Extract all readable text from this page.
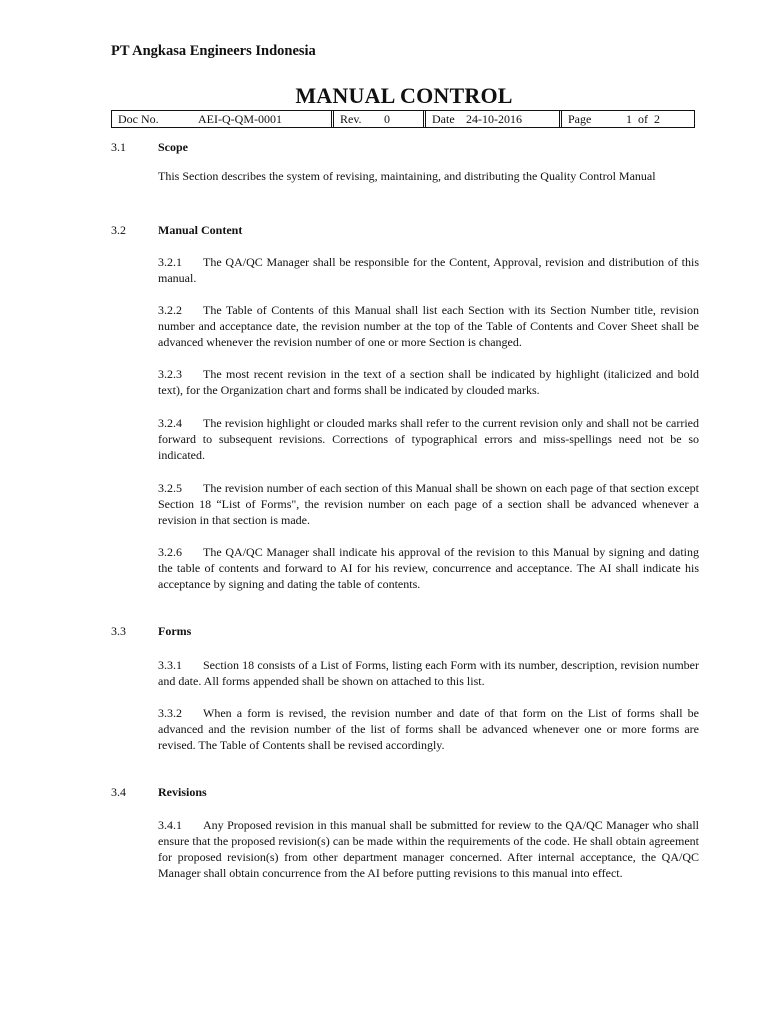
PT Angkasa Engineers Indonesia
MANUAL CONTROL
Doc No.	AEI-Q-QM-0001	Rev.	0	Date 24-10-2016	Page	1  of  2
3.1	Scope

This Section describes the system of revising, maintaining, and distributing the Quality Control Manual

3.2	Manual Content

3.2.1 The QA/QC Manager shall be responsible for the Content, Approval, revision and distribution of this manual.

3.2.2 The Table of Contents of this Manual shall list each Section with its Section Number title, revision number and acceptance date, the revision number at the top of the Table of Contents and Cover Sheet shall be advanced whenever the revision number of one or more Section is changed.

3.2.3 The most recent revision in the text of a section shall be indicated by highlight (italicized and bold text), for the Organization chart and forms shall be indicated by clouded marks.

3.2.4 The revision highlight or clouded marks shall refer to the current revision only and shall not be carried forward to subsequent revisions. Corrections of typographical errors and miss-spellings need not be so indicated.

3.2.5 The revision number of each section of this Manual shall be shown on each page of that section except Section 18 “List of Forms", the revision number on each page of a section shall be advanced whenever a revision in that section is made.

3.2.6 The QA/QC Manager shall indicate his approval of the revision to this Manual by signing and dating the table of contents and forward to AI for his review, concurrence and acceptance. The AI shall indicate his acceptance by signing and dating the table of contents.

3.3	Forms

3.3.1 Section 18 consists of a List of Forms, listing each Form with its number, description, revision number and date. All forms appended shall be shown on attached to this list.

3.3.2 When a form is revised, the revision number and date of that form on the List of forms shall be advanced and the revision number of the list of forms shall be advanced whenever one or more forms are revised. The Table of Contents shall be revised accordingly.

3.4	Revisions

3.4.1 Any Proposed revision in this manual shall be submitted for review to the QA/QC Manager who shall ensure that the proposed revision(s) can be made within the requirements of the code. He shall obtain agreement for proposed revision(s) from other department manager concerned. After internal acceptance, the QA/QC Manager shall obtain concurrence from the AI before putting revisions to this manual into effect.
